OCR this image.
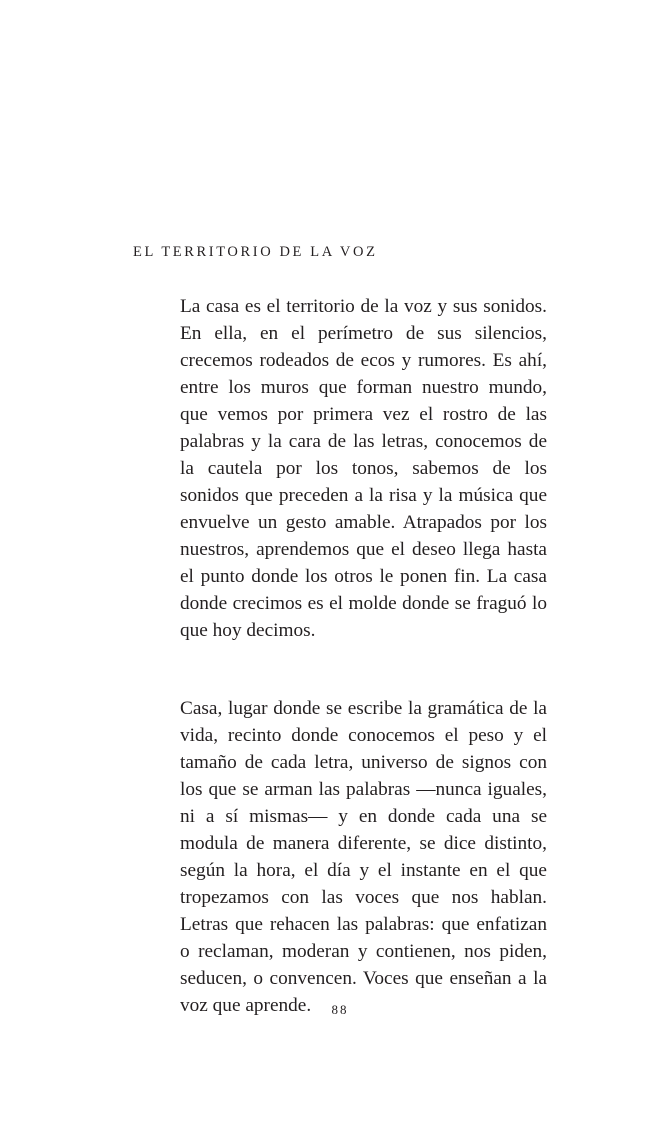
EL TERRITORIO DE LA VOZ

La casa es el territorio de la voz y sus sonidos. En ella, en el perímetro de sus silencios, crecemos rodeados de ecos y rumores. Es ahí, entre los muros que forman nuestro mundo, que vemos por primera vez el rostro de las palabras y la cara de las letras, conocemos de la cautela por los tonos, sabemos de los sonidos que preceden a la risa y la música que envuelve un gesto amable. Atrapados por los nuestros, aprendemos que el deseo llega hasta el punto donde los otros le ponen fin. La casa donde crecimos es el molde donde se fraguó lo que hoy decimos.

Casa, lugar donde se escribe la gramática de la vida, recinto donde conocemos el peso y el tamaño de cada letra, universo de signos con los que se arman las palabras —nunca iguales, ni a sí mismas— y en donde cada una se modula de manera diferente, se dice distinto, según la hora, el día y el instante en el que tropezamos con las voces que nos hablan. Letras que rehacen las palabras: que enfatizan o reclaman, moderan y contienen, nos piden, seducen, o convencen. Voces que enseñan a la voz que aprende.	88
